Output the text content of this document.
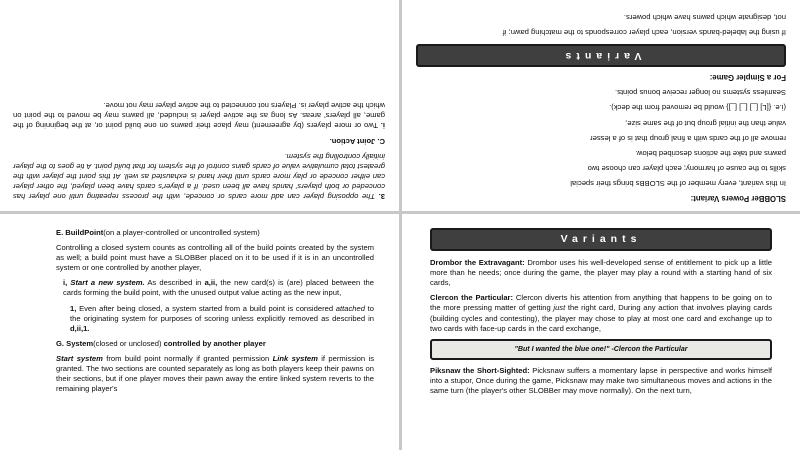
3. The opposing player can add more cards or concede, with the process repeating until one player has conceded or both players' hands have all been used. If a player's cards have been played, the other player can either concede or play more cards until their hand is exhausted as well. At this point the player with the greatest total cumulative value of cards gains control of the system for that build point. A tie goes to the player initially controlling the system.

C. Joint Action.

i. Two or more players (by agreement) may place their pawns on one build point or, at the beginning of the game, all players' areas. As long as the active player is included, all pawns may be moved to the point on which the active player is. Players not connected to the active player may not move.

SLOBBer Powers Variant:

In this variant, every member of the SLOBBs brings their special

skills to the cause of harmony; each player can choose two

pawns and take the actions described below.

remove all of the cards with a final group that is of a lesser

value than the initial group but of the same size,

(i.e. {[L] [_] [_] [_]} would be removed from the deck).

Seamless systems no longer receive bonus points.

For a Simpler Game:

Variants

If using the labeled-bands version, each player corresponds to the matching pawn; if

not, designate which pawns have which powers.

E. BuildPoint(on a player-controlled or uncontrolled system)

Controlling a closed system counts as controlling all of the build points created by the system as well; a build point must have a SLOBBer placed on it to be used if it is in an uncontrolled system or one controlled by another player,

i, Start a new system. As described in a,ii, the new card(s) is (are) placed between the cards forming the build point, with the unused output value acting as the new input,

1, Even after being closed, a system started from a build point is considered attached to the originating system for purposes of scoring unless explicitly removed as described in d,ii,1.

G. System(closed or unclosed) controlled by another player

Start system from build point normally if granted permission Link system if permission is granted. The two sections are counted separately as long as both players keep their pawns on their sections, but if one player moves their pawn away the entire linked system reverts to the remaining player's

Variants

Drombor the Extravagant: Drombor uses his well-developed sense of entitlement to pick up a little more than he needs; once during the game, the player may play a round with a starting hand of six cards,

Clercon the Particular: Clercon diverts his attention from anything that happens to be going on to the more pressing matter of getting just the right card, During any action that involves playing cards (building cycles and contesting), the player may chose to play at most one card and exchange up to two cards with face-up cards in the card exchange,

"But I wanted the blue one!" -Clercon the Particular

Piksnaw the Short-Sighted: Picksnaw suffers a momentary lapse in perspective and works himself into a stupor, Once during the game, Picksnaw may make two simultaneous moves and actions in the same turn (the player's other SLOBBer may move normally). On the next turn,
